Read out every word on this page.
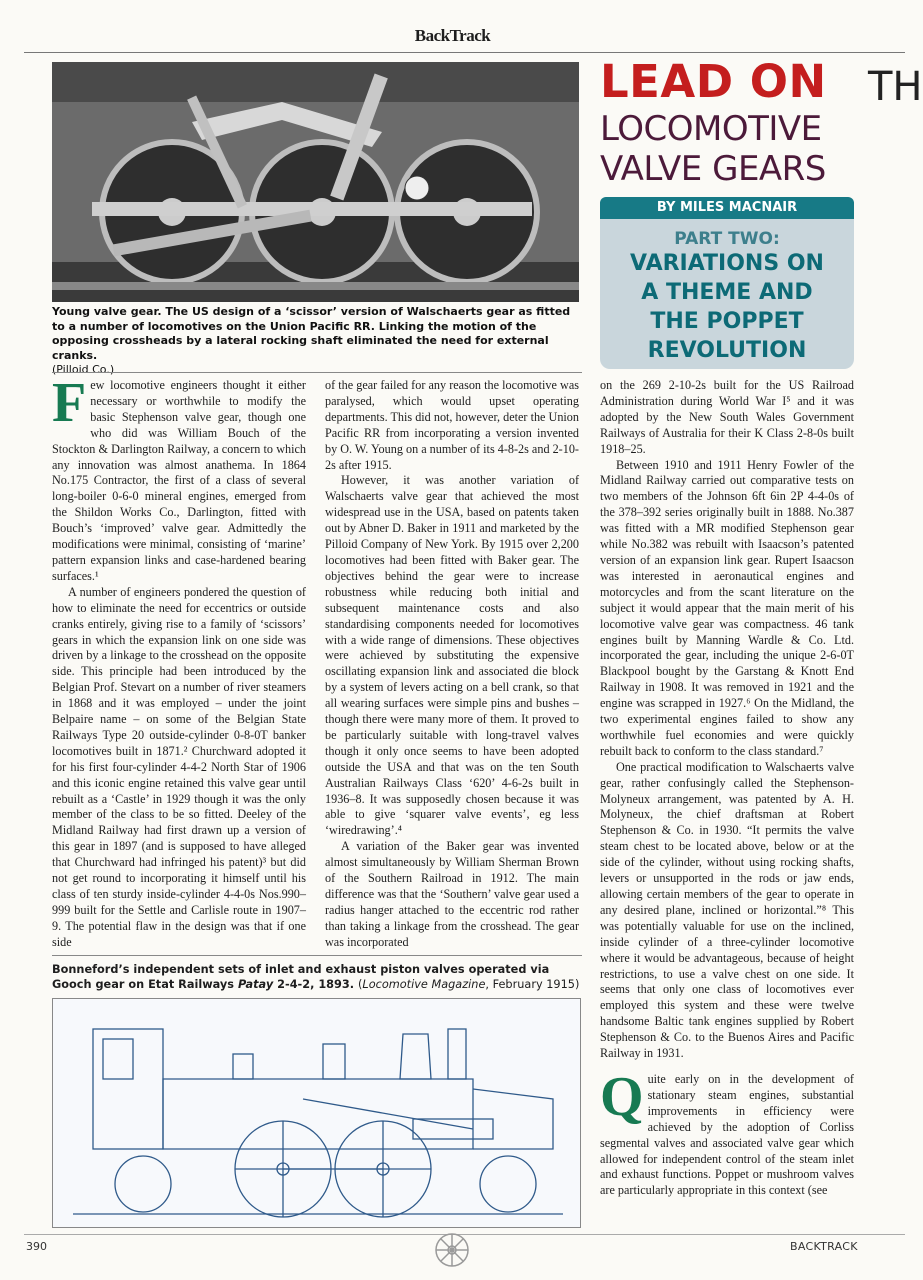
BackTrack
Young valve gear. The US design of a ‘scissor’ version of Walschaerts gear as fitted to a number of locomotives on the Union Pacific RR. Linking the motion of the opposing crossheads by a lateral rocking shaft eliminated the need for external cranks.
(Pilloid Co.)
LEAD ON TH
LOCOMOTIVE
VALVE GEARS
BY MILES MACNAIR
PART TWO:
VARIATIONS ON
A THEME AND
THE POPPET
REVOLUTION

Few locomotive engineers thought it either necessary or worthwhile to modify the basic Stephenson valve gear, though one who did was William Bouch of the Stockton & Darlington Railway, a concern to which any innovation was almost anathema. In 1864 No.175 Contractor, the first of a class of several long-boiler 0-6-0 mineral engines, emerged from the Shildon Works Co., Darlington, fitted with Bouch’s ‘improved’ valve gear. Admittedly the modifications were minimal, consisting of ‘marine’ pattern expansion links and case-hardened bearing surfaces.¹

A number of engineers pondered the question of how to eliminate the need for eccentrics or outside cranks entirely, giving rise to a family of ‘scissors’ gears in which the expansion link on one side was driven by a linkage to the crosshead on the opposite side. This principle had been introduced by the Belgian Prof. Stevart on a number of river steamers in 1868 and it was employed – under the joint Belpaire name – on some of the Belgian State Railways Type 20 outside-cylinder 0-8-0T banker locomotives built in 1871.² Churchward adopted it for his first four-cylinder 4-4-2 North Star of 1906 and this iconic engine retained this valve gear until rebuilt as a ‘Castle’ in 1929 though it was the only member of the class to be so fitted. Deeley of the Midland Railway had first drawn up a version of this gear in 1897 (and is supposed to have alleged that Churchward had infringed his patent)³ but did not get round to incorporating it himself until his class of ten sturdy inside-cylinder 4-4-0s Nos.990–999 built for the Settle and Carlisle route in 1907–9. The potential flaw in the design was that if one side

of the gear failed for any reason the locomotive was paralysed, which would upset operating departments. This did not, however, deter the Union Pacific RR from incorporating a version invented by O. W. Young on a number of its 4-8-2s and 2-10-2s after 1915.

However, it was another variation of Walschaerts valve gear that achieved the most widespread use in the USA, based on patents taken out by Abner D. Baker in 1911 and marketed by the Pilloid Company of New York. By 1915 over 2,200 locomotives had been fitted with Baker gear. The objectives behind the gear were to increase robustness while reducing both initial and subsequent maintenance costs and also standardising components needed for locomotives with a wide range of dimensions. These objectives were achieved by substituting the expensive oscillating expansion link and associated die block by a system of levers acting on a bell crank, so that all wearing surfaces were simple pins and bushes – though there were many more of them. It proved to be particularly suitable with long-travel valves though it only once seems to have been adopted outside the USA and that was on the ten South Australian Railways Class ‘620’ 4-6-2s built in 1936–8. It was supposedly chosen because it was able to give ‘squarer valve events’, eg less ‘wiredrawing’.⁴

A variation of the Baker gear was invented almost simultaneously by William Sherman Brown of the Southern Railroad in 1912. The main difference was that the ‘Southern’ valve gear used a radius hanger attached to the eccentric rod rather than taking a linkage from the crosshead. The gear was incorporated

on the 269 2-10-2s built for the US Railroad Administration during World War I⁵ and it was adopted by the New South Wales Government Railways of Australia for their K Class 2-8-0s built 1918–25.

Between 1910 and 1911 Henry Fowler of the Midland Railway carried out comparative tests on two members of the Johnson 6ft 6in 2P 4-4-0s of the 378–392 series originally built in 1888. No.387 was fitted with a MR modified Stephenson gear while No.382 was rebuilt with Isaacson’s patented version of an expansion link gear. Rupert Isaacson was interested in aeronautical engines and motorcycles and from the scant literature on the subject it would appear that the main merit of his locomotive valve gear was compactness. 46 tank engines built by Manning Wardle & Co. Ltd. incorporated the gear, including the unique 2-6-0T Blackpool bought by the Garstang & Knott End Railway in 1908. It was removed in 1921 and the engine was scrapped in 1927.⁶ On the Midland, the two experimental engines failed to show any worthwhile fuel economies and were quickly rebuilt back to conform to the class standard.⁷

One practical modification to Walschaerts valve gear, rather confusingly called the Stephenson-Molyneux arrangement, was patented by A. H. Molyneux, the chief draftsman at Robert Stephenson & Co. in 1930. “It permits the valve steam chest to be located above, below or at the side of the cylinder, without using rocking shafts, levers or unsupported in the rods or jaw ends, allowing certain members of the gear to operate in any desired plane, inclined or horizontal.”⁸ This was potentially valuable for use on the inclined, inside cylinder of a three-cylinder locomotive where it would be advantageous, because of height restrictions, to use a valve chest on one side. It seems that only one class of locomotives ever employed this system and these were twelve handsome Baltic tank engines supplied by Robert Stephenson & Co. to the Buenos Aires and Pacific Railway in 1931.

Quite early on in the development of stationary steam engines, substantial improvements in efficiency were achieved by the adoption of Corliss segmental valves and associated valve gear which allowed for independent control of the steam inlet and exhaust functions. Poppet or mushroom valves are particularly appropriate in this context (see

Bonneford’s independent sets of inlet and exhaust piston valves operated via Gooch gear on Etat Railways Patay 2-4-2, 1893. (Locomotive Magazine, February 1915)
390	BACKTRACK
